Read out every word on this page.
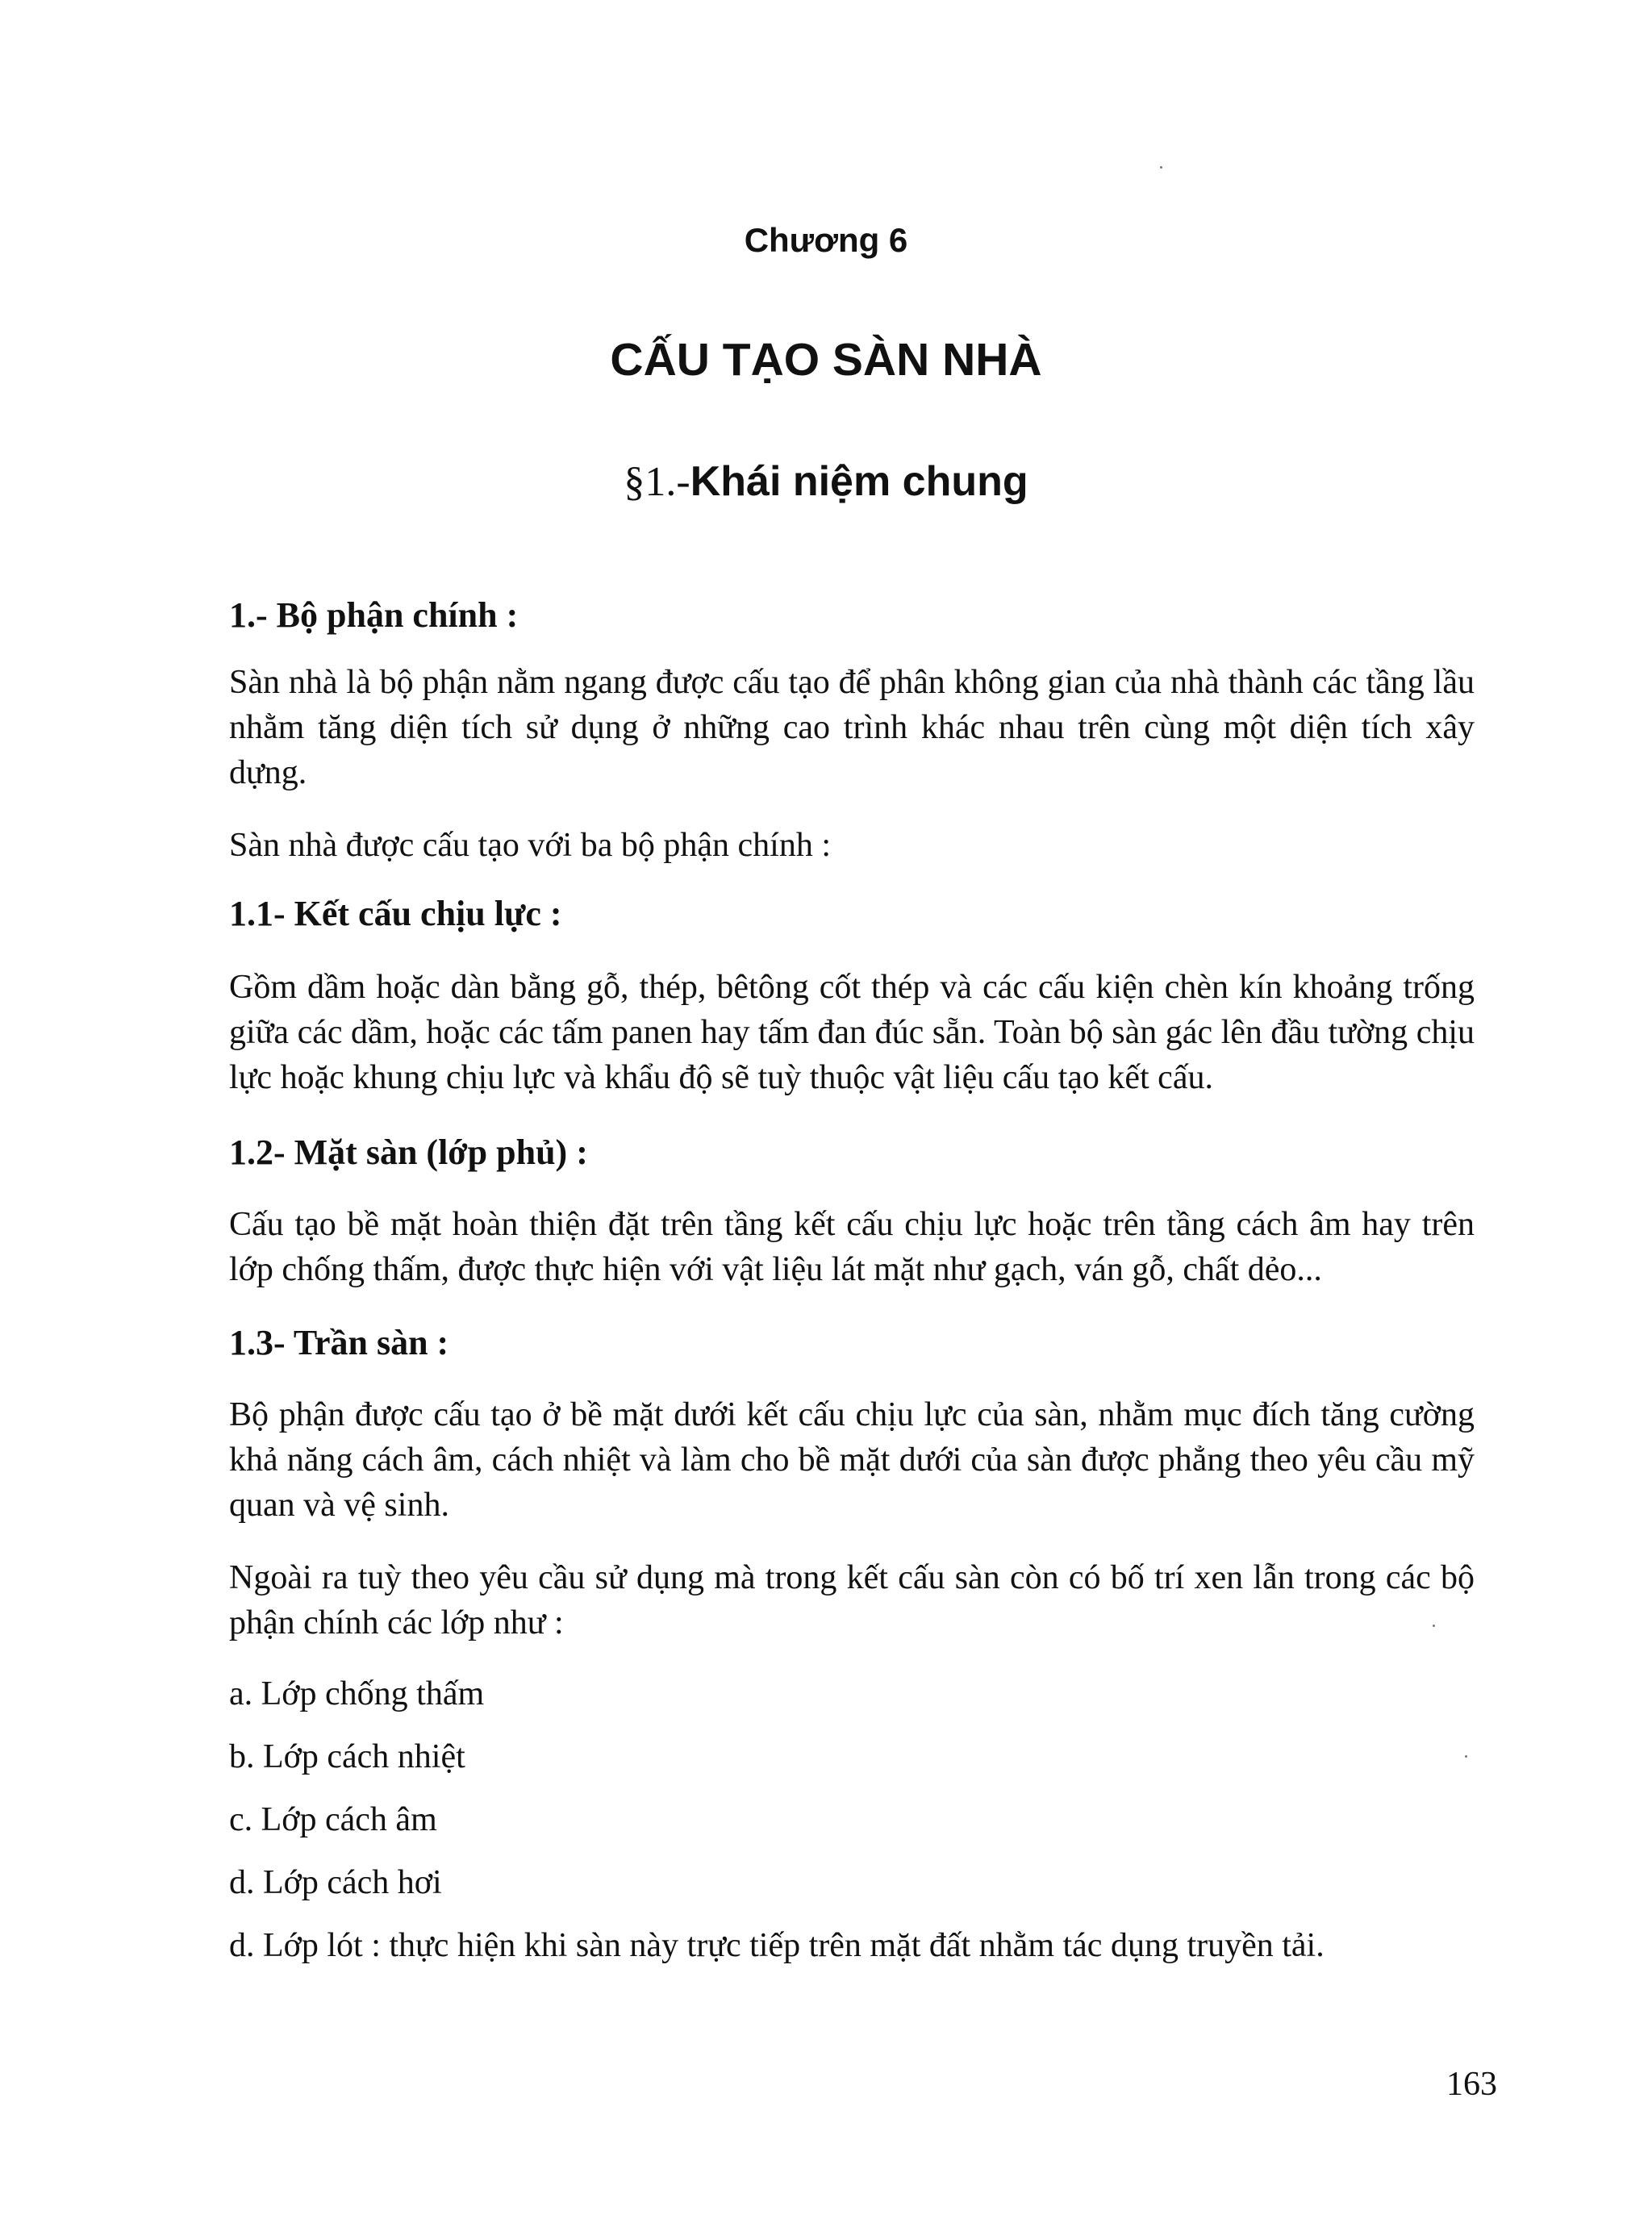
Chương 6
CẤU TẠO SÀN NHÀ
§1.-Khái niệm chung
1.- Bộ phận chính :
Sàn nhà là bộ phận nằm ngang được cấu tạo để phân không gian của nhà thành các tầng lầu nhằm tăng diện tích sử dụng ở những cao trình khác nhau trên cùng một diện tích xây dựng.
Sàn nhà được cấu tạo với ba bộ phận chính :
1.1- Kết cấu chịu lực :
Gồm dầm hoặc dàn bằng gỗ, thép, bêtông cốt thép và các cấu kiện chèn kín khoảng trống giữa các dầm, hoặc các tấm panen hay tấm đan đúc sẵn. Toàn bộ sàn gác lên đầu tường chịu lực hoặc khung chịu lực và khẩu độ sẽ tuỳ thuộc vật liệu cấu tạo kết cấu.
1.2- Mặt sàn (lớp phủ) :
Cấu tạo bề mặt hoàn thiện đặt trên tầng kết cấu chịu lực hoặc trên tầng cách âm hay trên lớp chống thấm, được thực hiện với vật liệu lát mặt như gạch, ván gỗ, chất dẻo...
1.3- Trần sàn :
Bộ phận được cấu tạo ở bề mặt dưới kết cấu chịu lực của sàn, nhằm mục đích tăng cường khả năng cách âm, cách nhiệt và làm cho bề mặt dưới của sàn được phẳng theo yêu cầu mỹ quan và vệ sinh.
Ngoài ra tuỳ theo yêu cầu sử dụng mà trong kết cấu sàn còn có bố trí xen lẫn trong các bộ phận chính các lớp như :
a. Lớp chống thấm
b. Lớp cách nhiệt
c. Lớp cách âm
d. Lớp cách hơi
d. Lớp lót : thực hiện khi sàn này trực tiếp trên mặt đất nhằm tác dụng truyền tải.
163
